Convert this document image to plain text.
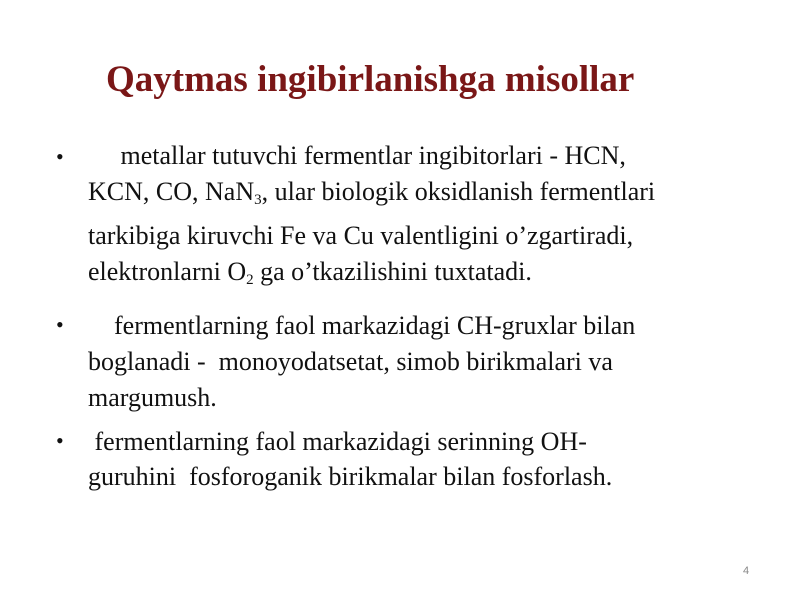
Qaytmas ingibirlanishga misollar
• metallar tutuvchi fermentlar ingibitorlari - HCN,
KCN, CO, NaN$_3$, ular biologik oksidlanish fermentlari
tarkibiga kiruvchi Fe va Cu valentligini o’zgartiradi,
elektronlarni $O_2$ ga o’tkazilishini tuxtatadi.
• fermentlarning faol markazidagi CH-gruxlar bilan
boglanadi -  monoyodatsetat, simob birikmalari va
margumush.
• fermentlarning faol markazidagi serinning OH-
guruhini  fosforoganik birikmalar bilan fosforlash.
4
